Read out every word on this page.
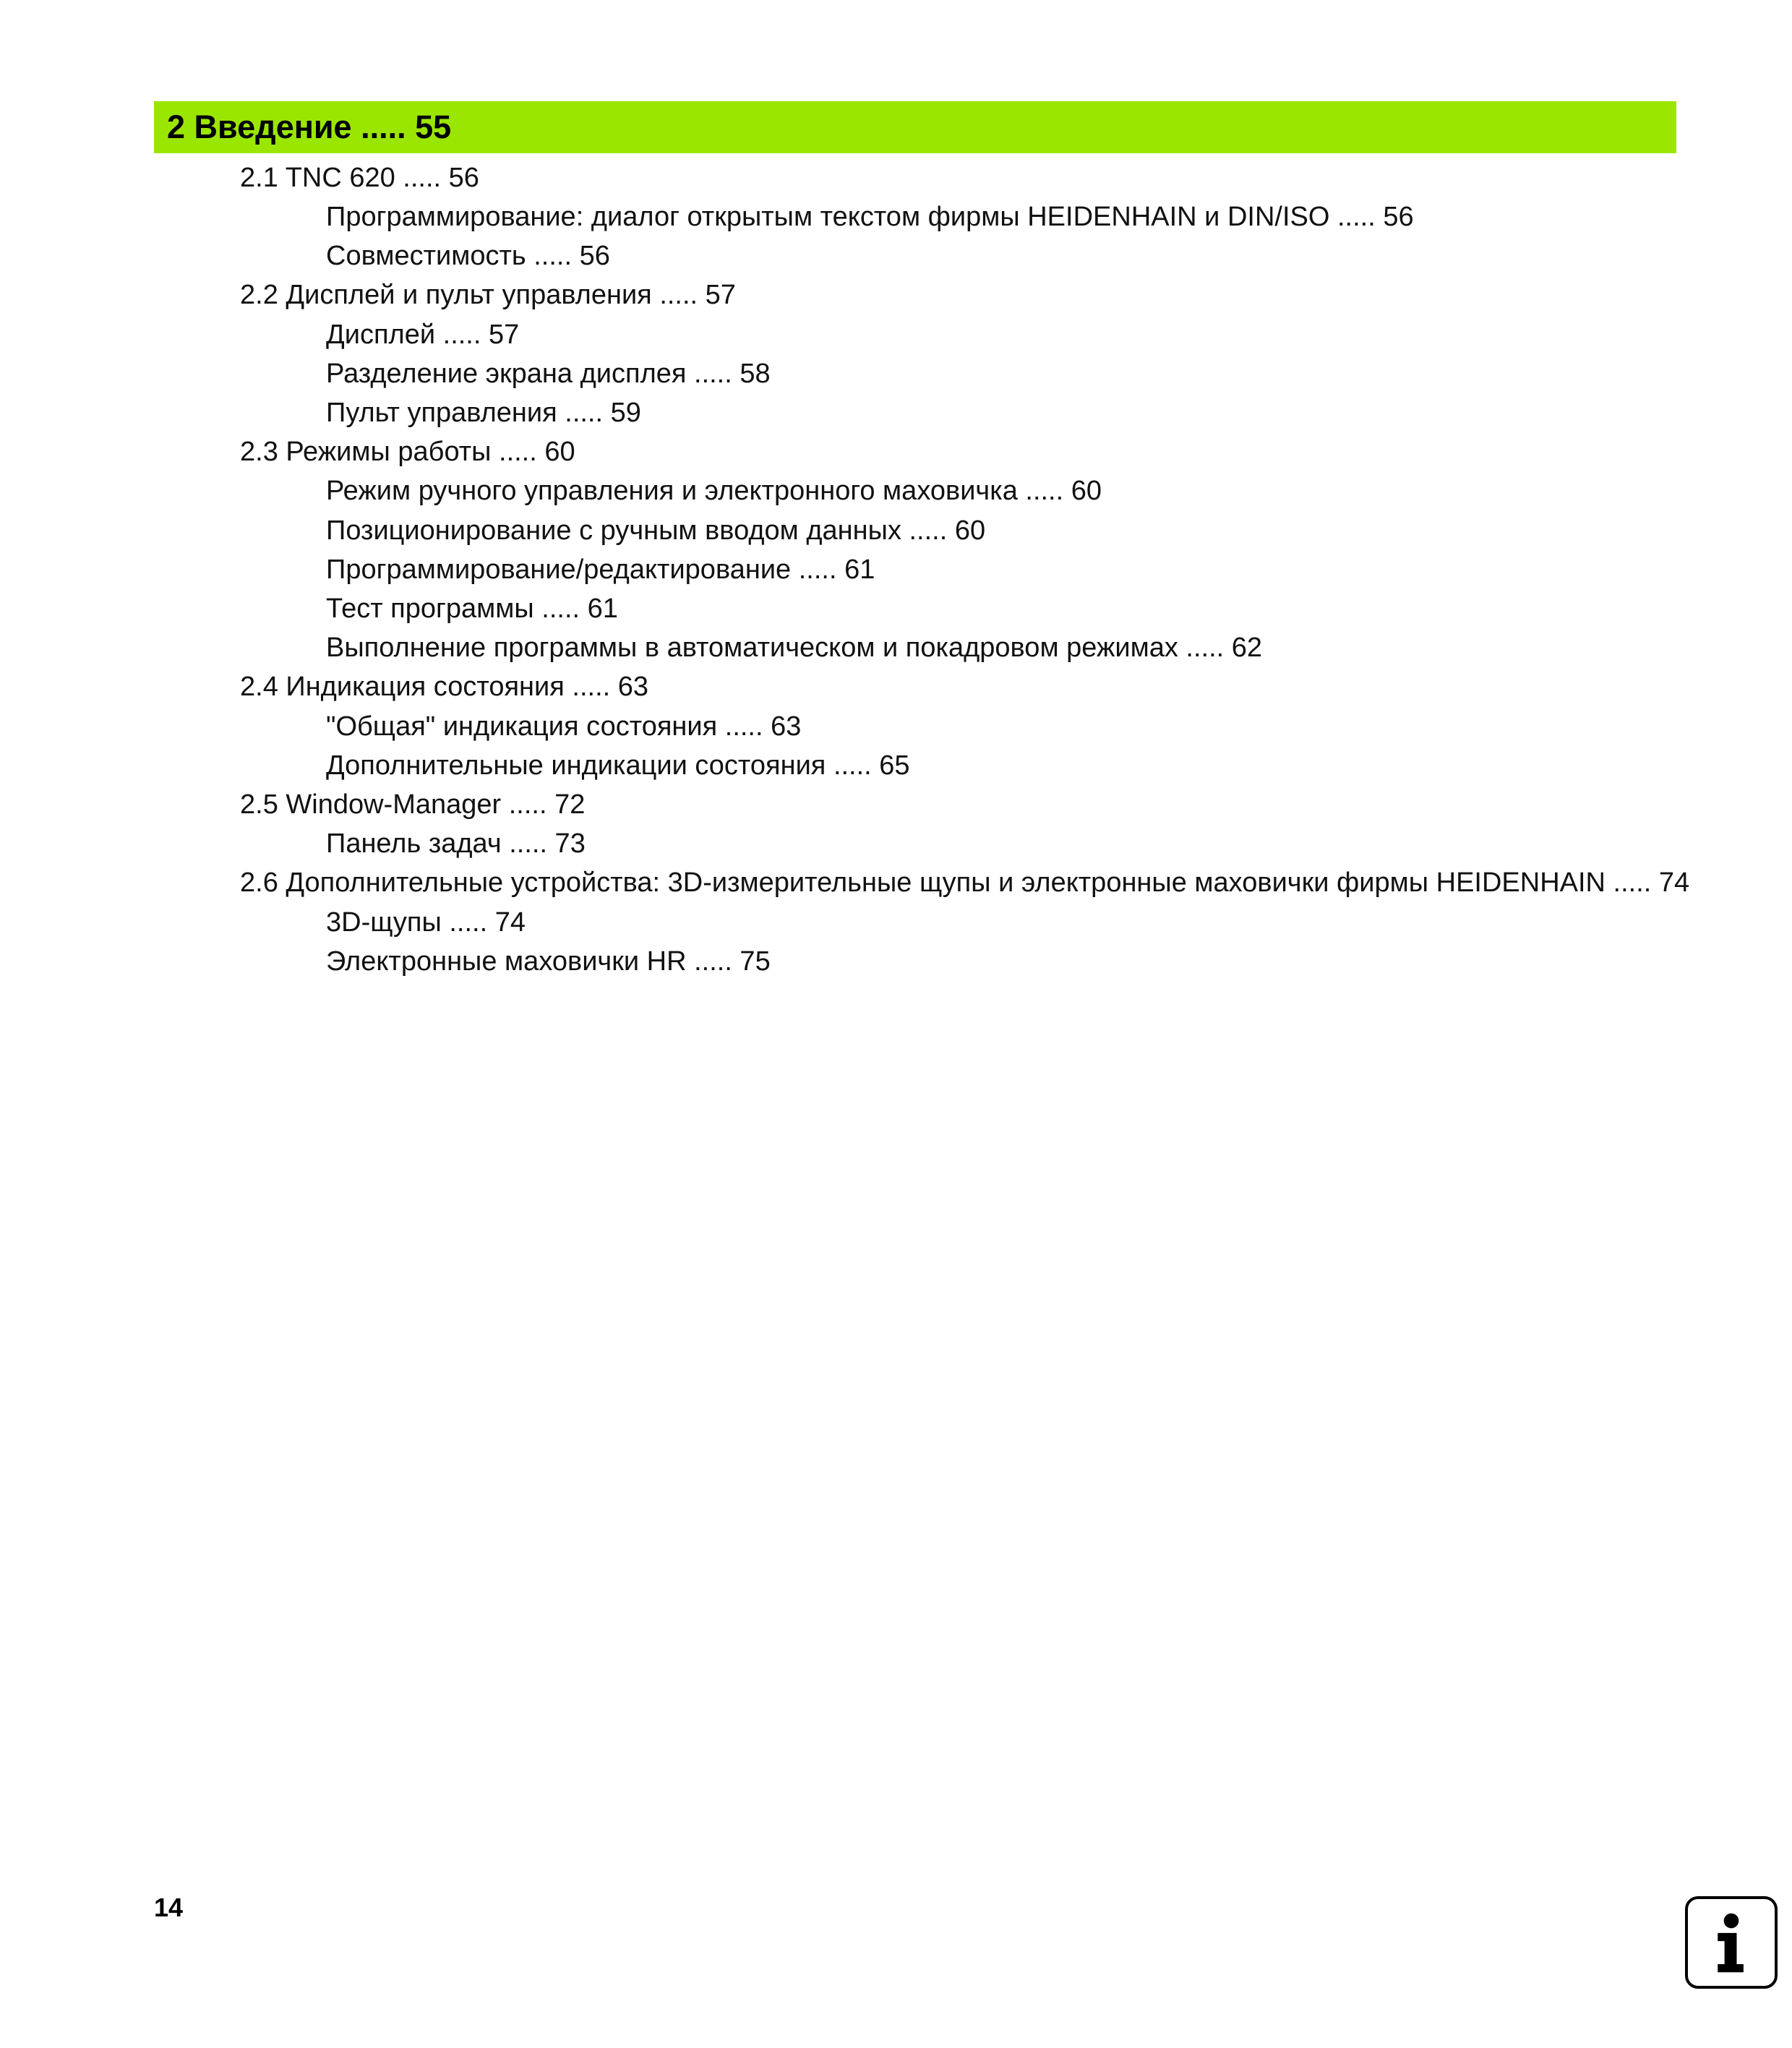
2 Введение ..... 55
2.1 TNC 620 ..... 56
Программирование: диалог открытым текстом фирмы HEIDENHAIN и DIN/ISO ..... 56
Совместимость ..... 56
2.2 Дисплей и пульт управления ..... 57
Дисплей ..... 57
Разделение экрана дисплея ..... 58
Пульт управления ..... 59
2.3 Режимы работы ..... 60
Режим ручного управления и электронного маховичка ..... 60
Позиционирование с ручным вводом данных ..... 60
Программирование/редактирование ..... 61
Тест программы ..... 61
Выполнение программы в автоматическом и покадровом режимах ..... 62
2.4 Индикация состояния ..... 63
"Общая" индикация состояния ..... 63
Дополнительные индикации состояния ..... 65
2.5 Window-Manager ..... 72
Панель задач ..... 73
2.6 Дополнительные устройства: 3D-измерительные щупы и электронные маховички фирмы HEIDENHAIN ..... 74
3D-щупы ..... 74
Электронные маховички HR ..... 75
14
